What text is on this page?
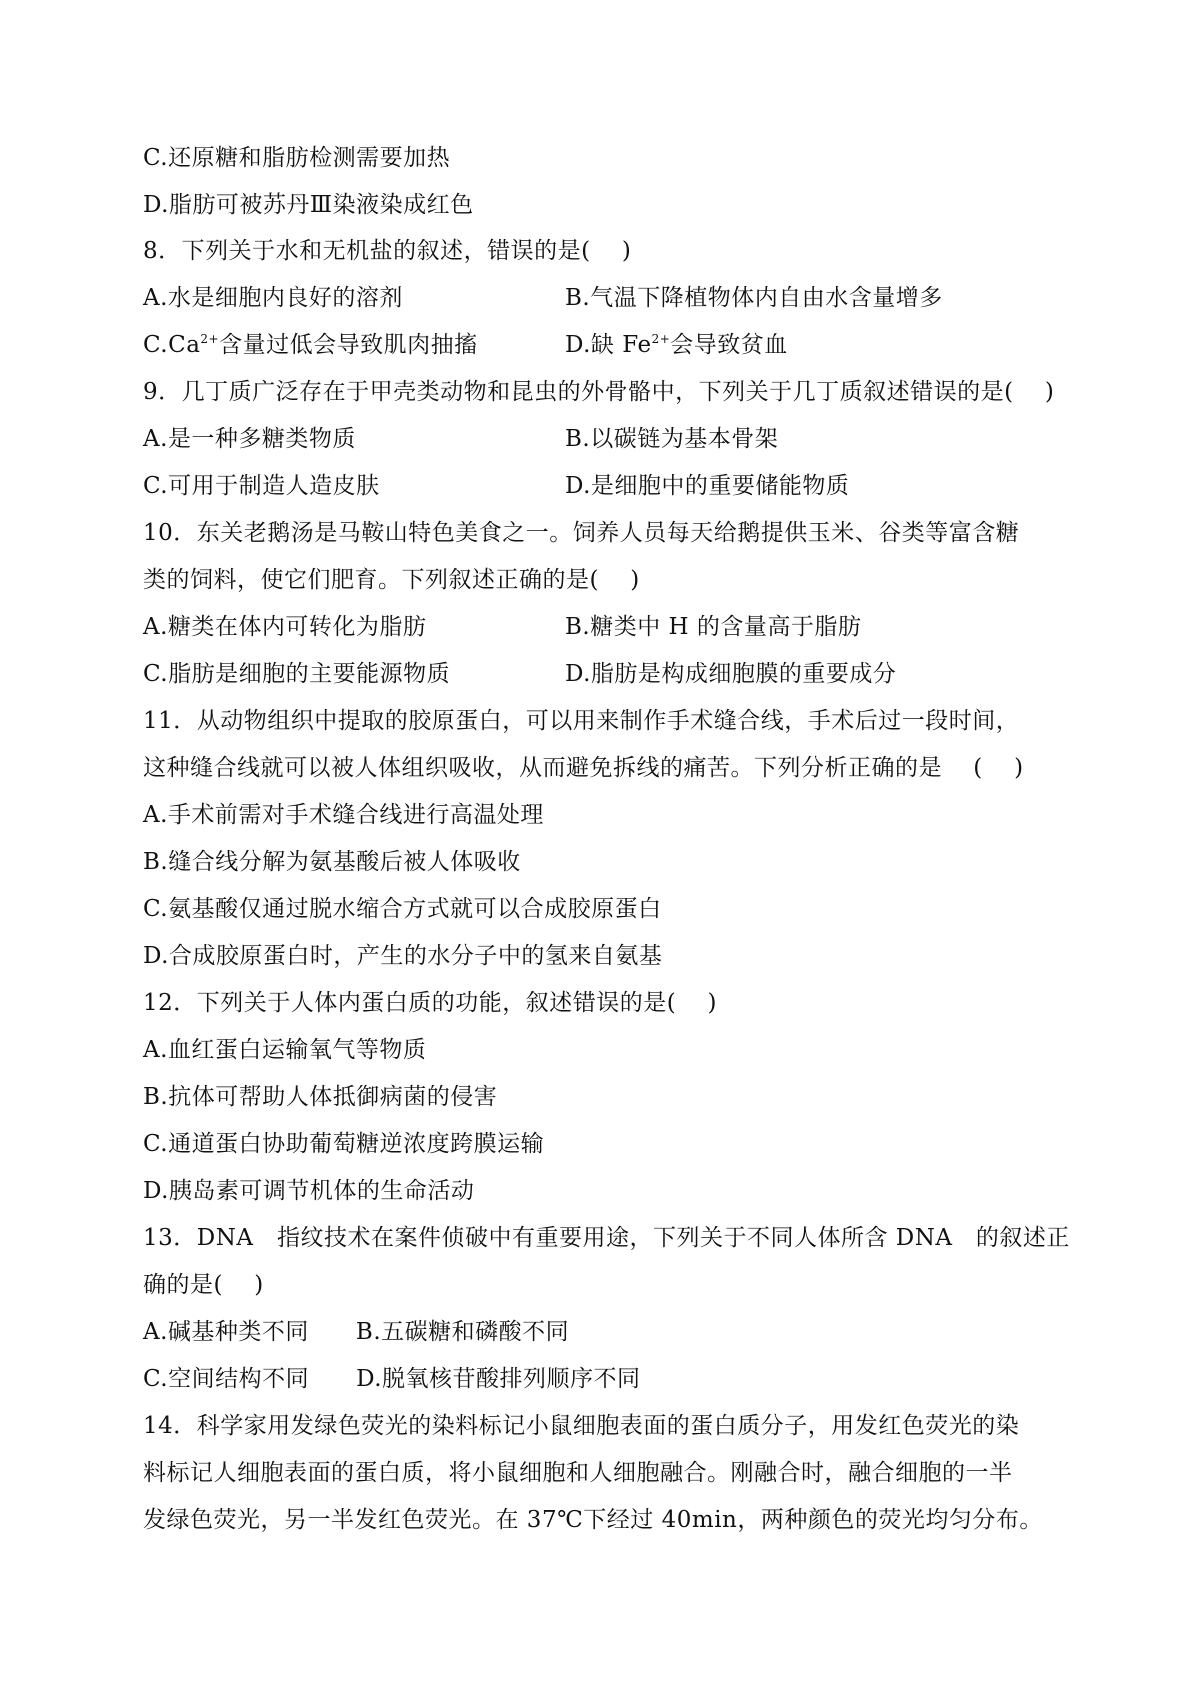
C.还原糖和脂肪检测需要加热
D.脂肪可被苏丹Ⅲ染液染成红色
8．下列关于水和无机盐的叙述，错误的是(　 )
A.水是细胞内良好的溶剂	B.气温下降植物体内自由水含量增多
$C.Ca^{2+}$含量过低会导致肌肉抽搐	D.缺 $Fe^{2+}$会导致贫血
9．几丁质广泛存在于甲壳类动物和昆虫的外骨骼中，下列关于几丁质叙述错误的是(　 )
A.是一种多糖类物质	B.以碳链为基本骨架
C.可用于制造人造皮肤	D.是细胞中的重要储能物质
10．东关老鹅汤是马鞍山特色美食之一。饲养人员每天给鹅提供玉米、谷类等富含糖
类的饲料，使它们肥育。下列叙述正确的是(　 )
A.糖类在体内可转化为脂肪	B.糖类中 H 的含量高于脂肪
C.脂肪是细胞的主要能源物质	D.脂肪是构成细胞膜的重要成分
11．从动物组织中提取的胶原蛋白，可以用来制作手术缝合线，手术后过一段时间，
这种缝合线就可以被人体组织吸收，从而避免拆线的痛苦。下列分析正确的是　 (　 )
A.手术前需对手术缝合线进行高温处理
B.缝合线分解为氨基酸后被人体吸收
C.氨基酸仅通过脱水缩合方式就可以合成胶原蛋白
D.合成胶原蛋白时，产生的水分子中的氢来自氨基
12．下列关于人体内蛋白质的功能，叙述错误的是(　 )
A.血红蛋白运输氧气等物质
B.抗体可帮助人体抵御病菌的侵害
C.通道蛋白协助葡萄糖逆浓度跨膜运输
D.胰岛素可调节机体的生命活动
13．DNA　指纹技术在案件侦破中有重要用途，下列关于不同人体所含 DNA　的叙述正
确的是(　 )
A.碱基种类不同　　B.五碳糖和磷酸不同
C.空间结构不同　　D.脱氧核苷酸排列顺序不同
14．科学家用发绿色荧光的染料标记小鼠细胞表面的蛋白质分子，用发红色荧光的染
料标记人细胞表面的蛋白质，将小鼠细胞和人细胞融合。刚融合时，融合细胞的一半
发绿色荧光，另一半发红色荧光。在 37℃下经过 40min，两种颜色的荧光均匀分布。
